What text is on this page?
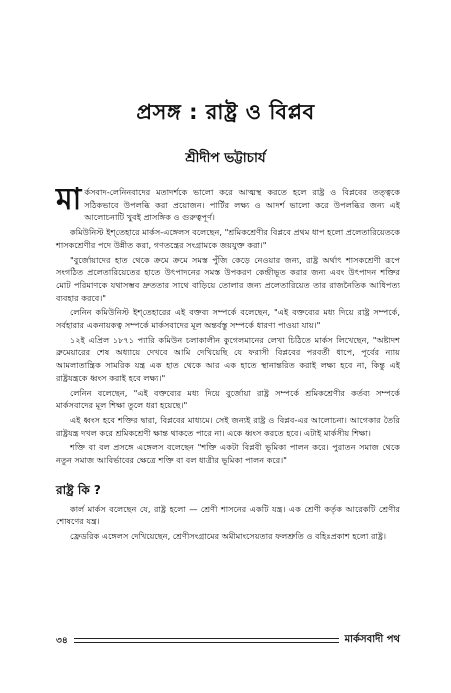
প্রসঙ্গ : রাষ্ট্র ও বিপ্লব
শ্রীদীপ ভট্টাচার্য

মার্কসবাদ-লেনিনবাদের মতাদর্শকে ভালো করে আত্মস্থ করতে হলে রাষ্ট্র ও বিপ্লবের তত্ত্বকে সঠিকভাবে উপলব্ধি করা প্রয়োজন। পার্টির লক্ষ্য ও আদর্শ ভালো করে উপলব্ধির জন্য এই আলোচনাটি খুবই প্রাসঙ্গিক ও গুরুত্বপূর্ণ।

কমিউনিস্ট ইশ্‌তেহারে মার্কস-এঙ্গেলস বলেছেন, "শ্রমিকশ্রেণীর বিপ্লবে প্রথম ধাপ হলো প্রলেতারিয়েতকে শাসকশ্রেণীর পদে উন্নীত করা, গণতন্ত্রের সংগ্রামকে জয়যুক্ত করা।"

"বুর্জোয়াদের হাত থেকে ক্রমে ক্রমে সমস্ত পুঁজি কেড়ে নেওয়ার জন্য, রাষ্ট্র অর্থাৎ শাসকশ্রেণী রূপে সংগঠিত প্রলেতারিয়েতের হাতে উৎপাদনের সমস্ত উপকরণ কেন্দ্রীভূত করার জন্য এবং উৎপাদন শক্তির মোট পরিমাণকে যথাসম্ভব দ্রুততার সাথে বাড়িয়ে তোলার জন্য প্রলেতারিয়েত তার রাজনৈতিক আধিপত্য ব্যবহার করবে।"

লেনিন কমিউনিস্ট ইশ্‌তেহারের এই বক্তব্য সম্পর্কে বলেছেন, "এই বক্তব্যের মধ্য দিয়ে রাষ্ট্র সম্পর্কে, সর্বহারার একনায়কত্ব সম্পর্কে মার্কসবাদের মূল অন্তর্বস্তু সম্পর্কে ধারণা পাওয়া যায়।"

১২ই এপ্রিল ১৮৭১ প্যারি কমিউন চলাকালীন কুগেলমানের লেখা চিঠিতে মার্কস লিখেছেন, "অষ্টাদশ ব্রুমেয়ারের শেষ অধ্যায়ে দেখবে আমি দেখিয়েছি যে ফরাসী বিপ্লবের পরবর্তী ধাপে, পূর্বের ন্যায় আমলাতান্ত্রিক সামরিক যন্ত্র এক হাত থেকে আর এক হাতে স্থানান্তরিত করাই লক্ষ্য হবে না, কিন্তু এই রাষ্ট্রযন্ত্রকে ধ্বংস করাই হবে লক্ষ্য।"

লেনিন বলেছেন, "এই বক্তব্যের মধ্য দিয়ে বুর্জোয়া রাষ্ট্র সম্পর্কে শ্রমিকশ্রেণীর কর্তব্য সম্পর্কে মার্কসবাদের মূল শিক্ষা তুলে ধরা হয়েছে।"

এই ধ্বংস হবে শক্তির দ্বারা, বিপ্লবের মাধ্যমে। সেই জন্যই রাষ্ট্র ও বিপ্লব-এর আলোচনা। আগেকার তৈরি রাষ্ট্রযন্ত্র দখল করে শ্রমিকশ্রেণী ক্ষান্ত থাকতে পারে না। একে ধ্বংস করতে হবে। এটাই মার্কসীয় শিক্ষা।

শক্তি বা বল প্রসঙ্গে এঙ্গেলস বলেছেন "শক্তি একটা বিপ্লবী ভূমিকা পালন করে। পুরাতন সমাজ থেকে নতুন সমাজ আবির্ভাবের ক্ষেত্রে শক্তি বা বল ধাত্রীর ভূমিকা পালন করে।"

রাষ্ট্র কি ?

কার্ল মার্কস বলেছেন যে, রাষ্ট্র হলো — শ্রেণী শাসনের একটি যন্ত্র। এক শ্রেণী কর্তৃক আরেকটি শ্রেণীর শোষণের যন্ত্র।

ফ্রেডরিক এঙ্গেলস দেখিয়েছেন, শ্রেণীসংগ্রামের অমীমাংসেয়তার ফলশ্রুতি ও বহিঃপ্রকাশ হলো রাষ্ট্র।

৩৪	মার্কসবাদী পথ
